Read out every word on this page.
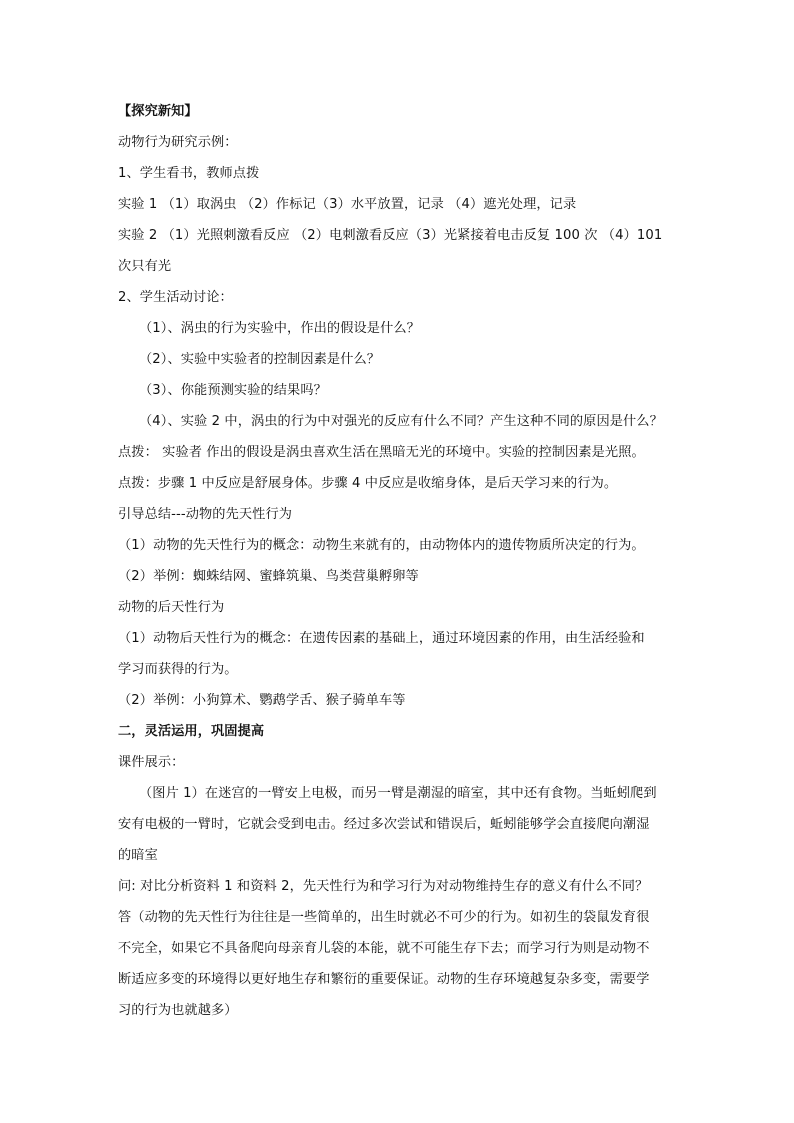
【探究新知】
动物行为研究示例：
1、学生看书，教师点拨
实验 1 （1）取涡虫 （2）作标记（3）水平放置，记录 （4）遮光处理，记录
实验 2 （1）光照刺激看反应 （2）电刺激看反应（3）光紧接着电击反复 100 次 （4）101
次只有光
2、学生活动讨论：
（1）、涡虫的行为实验中，作出的假设是什么？
（2）、实验中实验者的控制因素是什么？
（3）、你能预测实验的结果吗？
（4）、实验 2 中，涡虫的行为中对强光的反应有什么不同？产生这种不同的原因是什么？
点拨： 实验者 作出的假设是涡虫喜欢生活在黑暗无光的环境中。实验的控制因素是光照。
点拨：步骤 1 中反应是舒展身体。步骤 4 中反应是收缩身体，是后天学习来的行为。
引导总结---动物的先天性行为
（1）动物的先天性行为的概念：动物生来就有的，由动物体内的遗传物质所决定的行为。
（2）举例：蜘蛛结网、蜜蜂筑巢、鸟类营巢孵卵等
动物的后天性行为
（1）动物后天性行为的概念：在遗传因素的基础上，通过环境因素的作用，由生活经验和
学习而获得的行为。
（2）举例：小狗算术、鹦鹉学舌、猴子骑单车等
二，灵活运用，巩固提高
课件展示：
（图片 1）在迷宫的一臂安上电极，而另一臂是潮湿的暗室，其中还有食物。当蚯蚓爬到
安有电极的一臂时，它就会受到电击。经过多次尝试和错误后，蚯蚓能够学会直接爬向潮湿
的暗室
问: 对比分析资料 1 和资料 2，先天性行为和学习行为对动物维持生存的意义有什么不同？
答（动物的先天性行为往往是一些简单的，出生时就必不可少的行为。如初生的袋鼠发育很
不完全，如果它不具备爬向母亲育儿袋的本能，就不可能生存下去；而学习行为则是动物不
断适应多变的环境得以更好地生存和繁衍的重要保证。动物的生存环境越复杂多变，需要学
习的行为也就越多）
